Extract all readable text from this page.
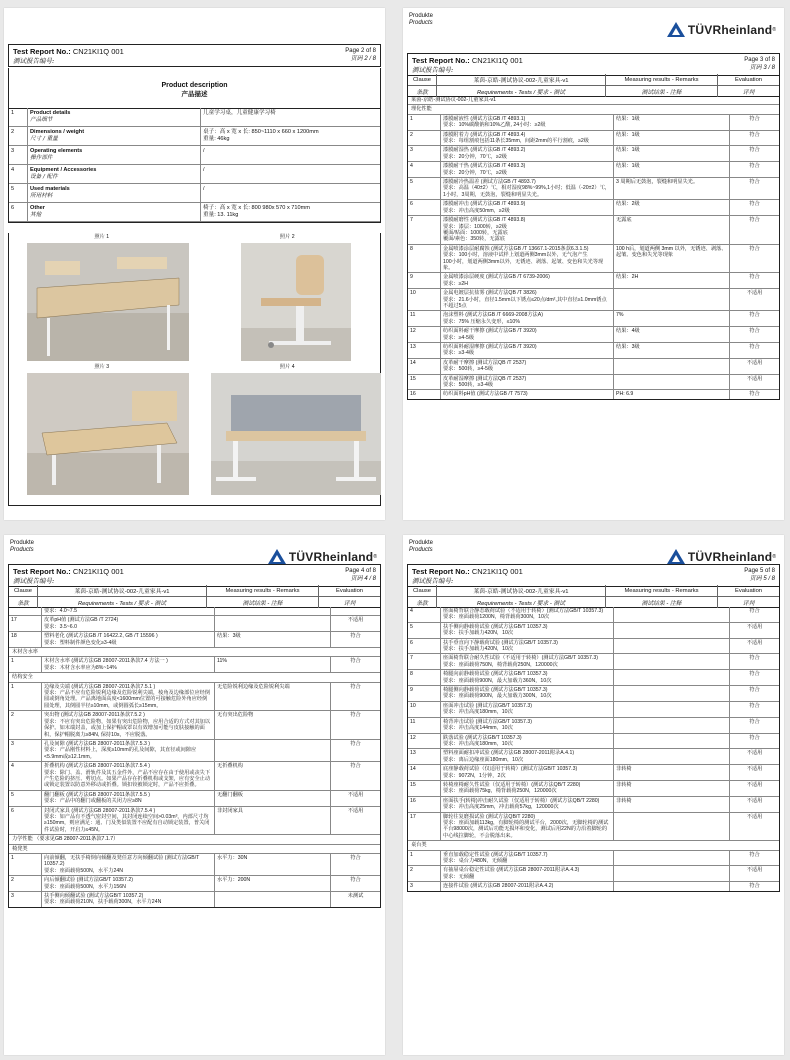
Test Report No.: CN21KI1Q 001
测试报告编号:
Page 2 of 8
页码 2 / 8
Product description
产品描述
1	Product details
产品细节
儿童学习桌，儿童健康学习椅
2	Dimensions / weight
尺寸 / 重量
桌子：高 x 宽 x 长: 850~1110 x 660 x 1200mm
重量: 46kg
3	Operating elements
操作部件
/
4	Equipment / Accessories
设备 / 配件
/
5	Used materials
所用材料
/
6	Other
其他
椅子：高 x 宽 x 长: 800 980x 570 x 710mm
重量: 13. 11kg
照片 1	照片 2
照片 3	照片 4
Produkte
Products	TÜVRheinland ®
Test Report No.: CN21KI1Q 001
测试报告编号:
Page 3 of 8
页码 3 / 8
Clause	莱茵-京皓-测试协议-002-儿童家具-v1	Measuring results - Remarks	Evaluation
条款	Requirements - Tests / 要求 - 测试	测试结果 - 注释	评判
莱茵-京皓-测试协议-002-儿童家具-v1
理化性能
1	漆膜耐液性 (测试方法GB /T 4893.1)
要求：10%碳酸钠和10%乙酸, 24小时：≥2级
结果：1级	符合
2	漆膜附着力 (测试方法GB /T 4893.4)
要求：每组割痕包括11条长35mm，间距2mm的平行割痕，≥2级
结果：1级	符合
3	漆膜耐湿热 (测试方法GB /T 4893.2)
要求：20分钟，70℃，≥2级
结果：1级	符合
4	漆膜耐干热 (测试方法GB /T 4893.3)
要求：20分钟，70℃，≥2级
结果：1级	符合
5	漆膜耐冷热温差 (测试方法GB /T 4893.7)
要求：高温（40±2）℃，相对湿度98%~99%,1小时；低温（-20±2）℃，1小时，3周期，无鼓泡，裂缝和明显失光。
3 周期后无鼓泡，裂缝和明显失光。	符合
6	漆膜耐冲击 (测试方法GB /T 4893.9)
要求：冲击高度50mm，≥2级
结果：2级	符合
7	漆膜耐磨性 (测试方法GB /T 4893.8)
要求：漆层：1000转，≥2级
覆面/贴面：1000转，无露底
覆面/素色：350转，无露底
无露底	符合
8	金属喷漆涂层耐腐蚀 (测试方法GB /T 13667.1-2015条款6.3.1.5)
要求：100小时，溶液中试样上划道两侧3mm以外，无气泡产生
100小时，划道两侧3mm以外，无锈迹、剥落、起皱、变色和失光等现象。
100 h后，划道两侧 3mm 以外，无锈迹、剥落、起皱、变色和失光等现象
符合
9	金属喷漆涂层硬度 (测试方法GB /T 6739-2006)
要求：≥2H
结果：2H	符合
10	金属电镀层抗盐雾 (测试方法QB /T 3826)
要求：21.6小时，直径1.5mm以下锈点≤20点/dm²,其中直径≥1.0mm锈点不超过5点
不适用
11	泡沫塑料 (测试方法GB /T 6669-2008方法A)
要求：75% 压缩永久变形，≤10%
7%	符合
12	纺织面料耐干摩擦 (测试方法GB /T 3920)
要求：≥4-5级
结果：4级	符合
13	纺织面料耐湿摩擦 (测试方法GB /T 3920)
要求：≥3-4级
结果：3级	符合
14	皮革耐干摩擦 (测试方法QB /T 2537)
要求：500转，≥4-5级
不适用
15	皮革耐湿摩擦 (测试方法QB /T 2537)
要求：500转，≥3-4级
不适用
16	纺织面料pH值 (测试方法GB /T 7573)	PH: 6.9	符合
Produkte
Products	TÜVRheinland ®
Test Report No.: CN21KI1Q 001
测试报告编号:
Page 4 of 8
页码 4 / 8
Clause	莱茵-京皓-测试协议-002-儿童家具-v1	Measuring results - Remarks	Evaluation
条款	Requirements - Tests / 要求 - 测试	测试结果 - 注释	评判
要求：4.0~7.5
17	皮革pH值 (测试方法GB /T 2724)
要求：3.5~6.0
不适用
18	塑料老化 (测试方法GB /T 16422.2, GB /T 15596 )
要求：塑料制件颜色变化≥3-4级
结果：3级	符合
木材含水率
1	木材含水率 (测试方法GB 28007-2011条款7.4 方法一 )
要求：木材含水率应为8%~14%
11%	符合
结构安全
1	边缘及尖端 (测试方法GB 28007-2011条款7.5.1 )
要求：产品不应有危险锐利边缘及危险锐利尖端，棱角及边缘部位应经倒圆或倒角处理。产品离地面高度<1600mm位置的可接触危险外角应经倒圆处理，其倒圆半径≥10mm，或倒圆弧长≥15mm。
无危险锐利边缘及危险锐利尖端	符合
2	突出物 (测试方法GB 28007-2011条款7.5.2 )
要求：不应有突出危险物，如果有突出危险物，应用合适的方式对其加以保护。如末端封盖，或加上保护帽或罩以有效增加可能与皮肤接触的面积，保护帽脱离力≥84N, 保持10s，不应脱落。
无有突出危险物	符合
3	孔及间隙 (测试方法GB 28007-2011条款7.5.3 )
要求：产品刚性材料上，深度≥10mm的孔及间隙，其直径或间隙应<5.9mm或≥12.1mm。
符合
4	折叠机构 (测试方法GB 28007-2011条款7.5.4 )
要求：除门、盖、滑轨件及其五金件外，产品不应存在由于使用或丧失下产生危险的挤压、剪切点。如果产品存在折叠机构或支架，应有安全止动或锁定装置以防意外移动或折叠。锁扣铰被锁定时，产品不应折叠。
无折叠机构	符合
5	翻门翻板 (测试方法GB 28007-2011条款7.5.5 )
要求：产品中的翻门或翻板的关闭力应≥8N
无翻门翻板	不适用
6	封闭式家具 (测试方法GB 28007-2011条款7.5.4 )
要求：如产品有不透气密封空间，其封闭连续空间>0.03m³，内部尺寸均≥150mm，则应满足：通、门及类似装置不应配有自动锁定装置，普关闭件试验时，开启力≤45N。
非封闭家具	不适用
力学性能 （要求见GB 28007-2011条款7.1.7）
椅凳类
1	向前倾翻，无扶手椅倒向倾翻及凳任意方向倾翻试验 (测试方法GB/T 10357.2)
要求：座面载荷500N，水平力24N
水平力：30N	符合
2	向后倾翻试验 (测试方法GB/T 10357.2)
要求：座面载荷500N，水平力156N
水平力：200N	符合
3	扶手侧向倾翻试验 (测试方法GB/T 10357.2)
要求：座面载荷210N，扶手载荷300N，水平力24N
未测试
Produkte
Products	TÜVRheinland ®
Test Report No.: CN21KI1Q 001
测试报告编号:
Page 5 of 8
页码 5 / 8
Clause	莱茵-京皓-测试协议-002-儿童家具-v1	Measuring results - Remarks	Evaluation
条款	Requirements - Tests / 要求 - 测试	测试结果 - 注释	评判
4	座面椅背联合静态载荷试验（不适用于转椅）(测试方法GB/T 10357.3)
要求：座面载荷1200N，椅背载荷300N，10次
符合
5	扶手侧向静载荷试验 (测试方法GB/T 10357.3)
要求：扶手加载力420N，10次
不适用
6	扶手垂直向下静载荷试验 (测试方法GB/T 10357.3)
要求：扶手加载力420N，10次
不适用
7	座面椅背联合耐久性试验（不适用于转椅）(测试方法GB/T 10357.3)
要求：座面载荷750N，椅背载荷250N，120000次
符合
8	椅腿向前静载荷试验 (测试方法GB/T 10357.3)
要求：座面载荷900N，最大加载力360N，10次
符合
9	椅腿侧向静载荷试验 (测试方法GB/T 10357.3)
要求：座面载荷900N，最大加载力300N，10次
符合
10	座面冲击试验 (测试方法GB/T 10357.3)
要求：冲击高度180mm，10次
符合
11	椅背冲击试验 (测试方法GB/T 10357.3)
要求：冲击高度144mm，10次
符合
12	跌落试验 (测试方法GB/T 10357.3)
要求：冲击高度180mm，10次
符合
13	塑料座面耐扣冲试验 (测试方法GB 28007-2011附录A.4.1)
要求：离后边缘座面180mm，10次
不适用
14	底座静载荷试验（仅适用于转椅）(测试方法GB/T 10357.3)
要求：9072N，1分钟，2次
非转椅	不适用
15	转椅座椅耐久性试验（仅适用于转椅）(测试方法QB/T 2280)
要求：座面载荷75kg，椅背载荷250N，120000次
非转椅	不适用
16	座面扶手(转椅)冲击耐久试验（仅适用于转椅）(测试方法QB/T 2280)
要求：冲击高度25mm，冲击载荷57kg，120000次
非转椅	不适用
17	脚轮往复磨损试验 (测试方法QB/T 2280)
要求：座面加载113kg，有脚轮椅的测试平台，2000次，无脚轮椅的测试平台98000次，测试后功能无损坏和变化，测试后用22N的力沿着脚轮的中心线拉脚轮，不会脱落出来。
不适用
桌台类
1	垂直加载稳定性试验 (测试方法GB/T 10357.7)
要求：桌台力480N，无倾翻
符合
2	有抽屉桌台稳定性试验 (测试方法GB 28007-2011附录A.4.3)
要求：无倾翻
不适用
3	连接件试验 (测试方法GB 28007-2011附录A.4.2)	符合
